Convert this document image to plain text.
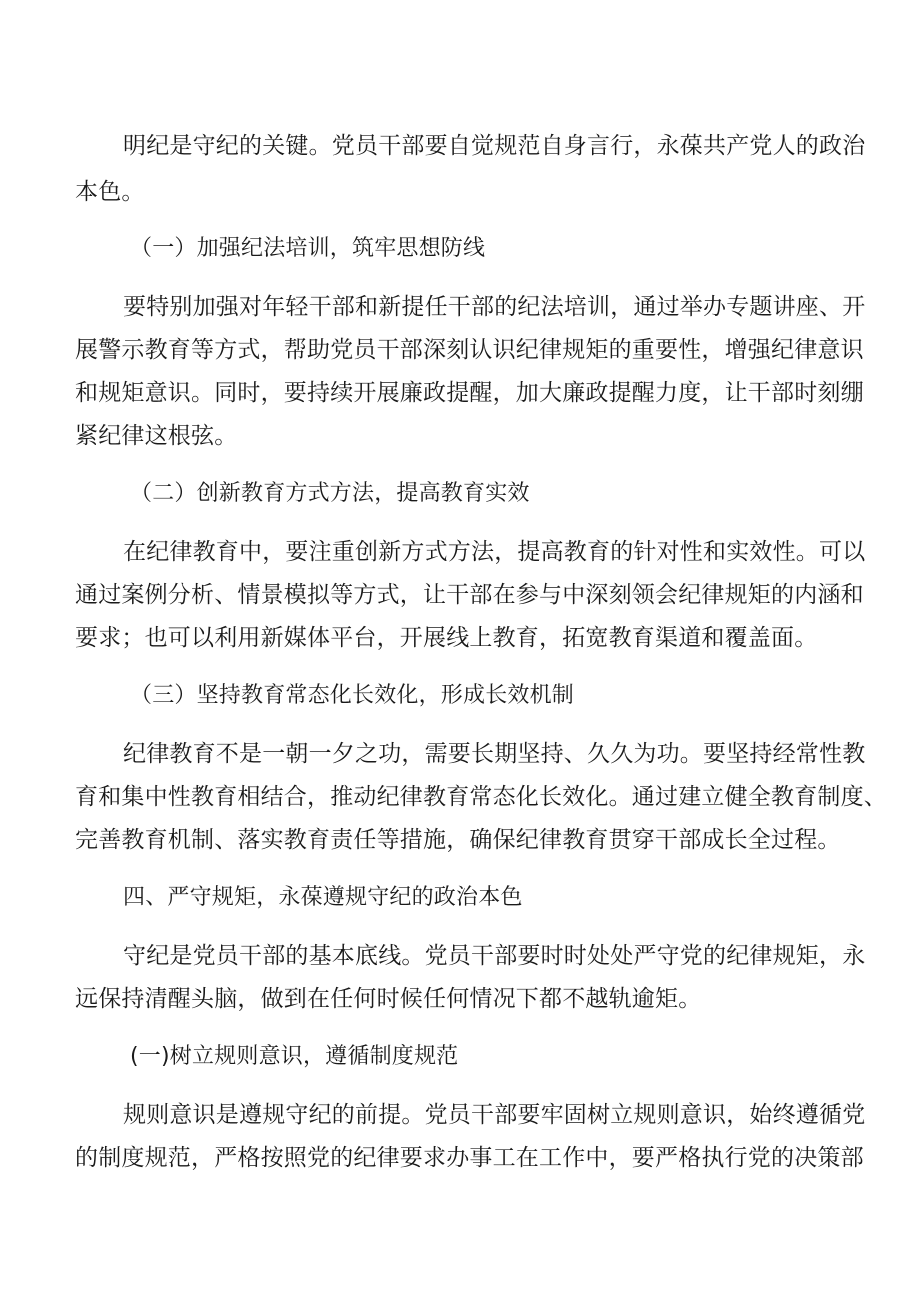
明纪是守纪的关键。党员干部要自觉规范自身言行，永葆共产党人的政治
本色。
（一）加强纪法培训，筑牢思想防线
要特别加强对年轻干部和新提任干部的纪法培训，通过举办专题讲座、开
展警示教育等方式，帮助党员干部深刻认识纪律规矩的重要性，增强纪律意识
和规矩意识。同时，要持续开展廉政提醒，加大廉政提醒力度，让干部时刻绷
紧纪律这根弦。
（二）创新教育方式方法，提高教育实效
在纪律教育中，要注重创新方式方法，提高教育的针对性和实效性。可以
通过案例分析、情景模拟等方式，让干部在参与中深刻领会纪律规矩的内涵和
要求；也可以利用新媒体平台，开展线上教育，拓宽教育渠道和覆盖面。
（三）坚持教育常态化长效化，形成长效机制
纪律教育不是一朝一夕之功，需要长期坚持、久久为功。要坚持经常性教
育和集中性教育相结合，推动纪律教育常态化长效化。通过建立健全教育制度、
完善教育机制、落实教育责任等措施，确保纪律教育贯穿干部成长全过程。
四、严守规矩，永葆遵规守纪的政治本色
守纪是党员干部的基本底线。党员干部要时时处处严守党的纪律规矩，永
远保持清醒头脑，做到在任何时候任何情况下都不越轨逾矩。
(一)树立规则意识，遵循制度规范
规则意识是遵规守纪的前提。党员干部要牢固树立规则意识，始终遵循党
的制度规范，严格按照党的纪律要求办事工在工作中，要严格执行党的决策部
